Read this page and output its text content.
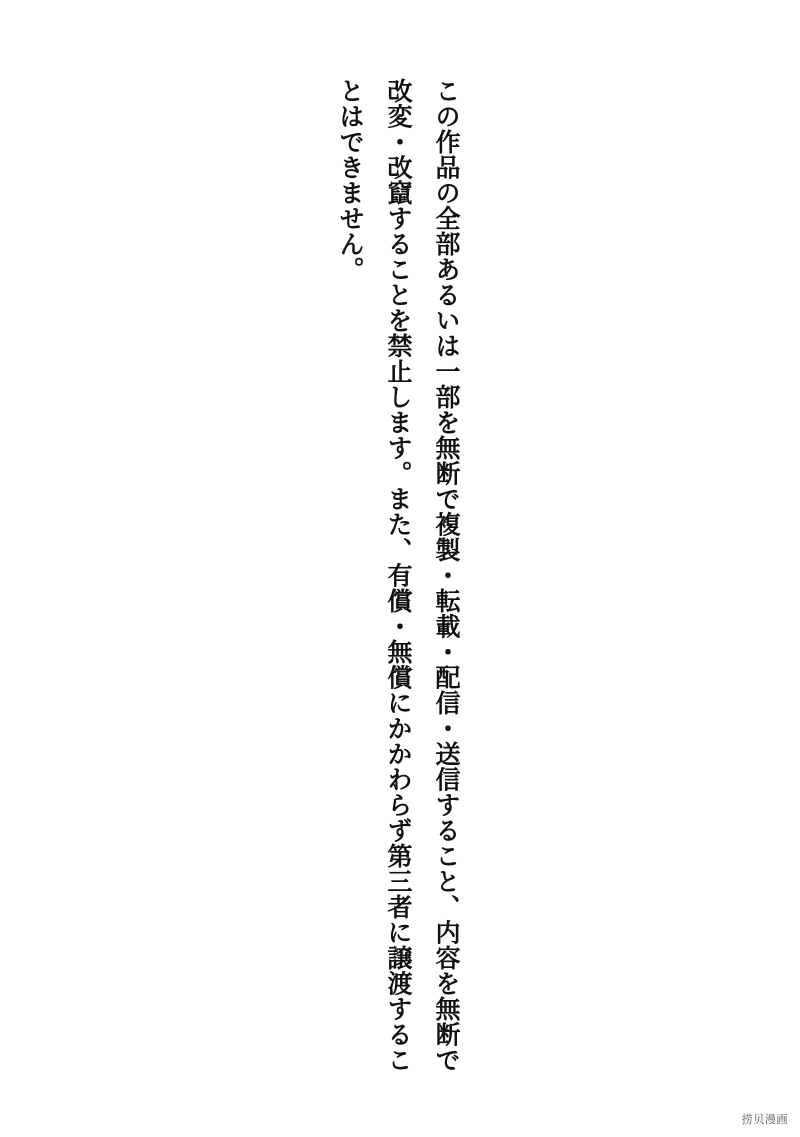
この作品の全部あるいは一部を無断で複製・転載・配信・送信すること、内容を無断で改変・改竄することを禁止します。また、有償・無償にかかわらず第三者に譲渡することはできません。
捞贝漫画
